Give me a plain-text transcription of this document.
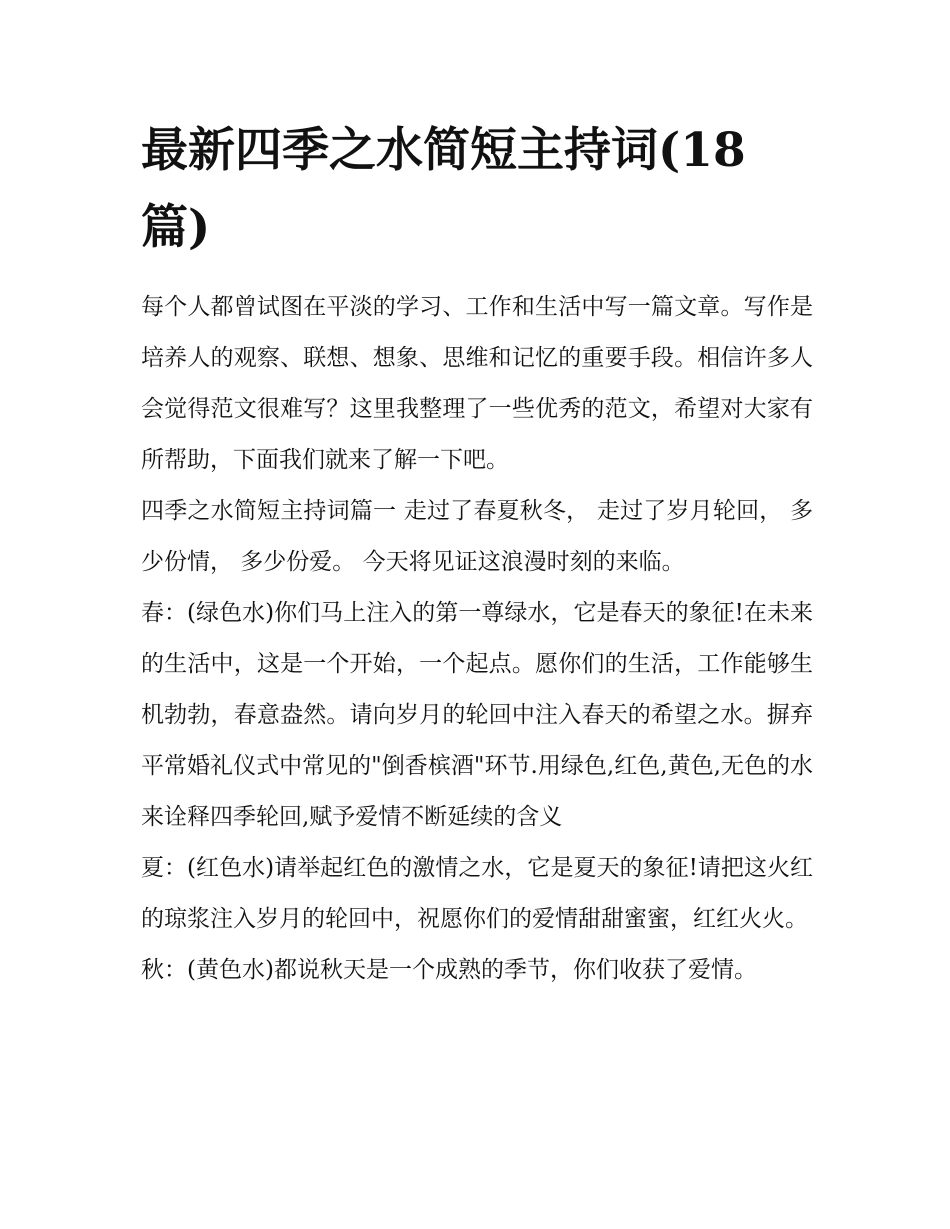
最新四季之水简短主持词(18篇)

每个人都曾试图在平淡的学习、工作和生活中写一篇文章。写作是培养人的观察、联想、想象、思维和记忆的重要手段。相信许多人会觉得范文很难写？这里我整理了一些优秀的范文，希望对大家有所帮助，下面我们就来了解一下吧。

四季之水简短主持词篇一 走过了春夏秋冬， 走过了岁月轮回， 多少份情， 多少份爱。 今天将见证这浪漫时刻的来临。

春：(绿色水)你们马上注入的第一尊绿水，它是春天的象征!在未来的生活中，这是一个开始，一个起点。愿你们的生活，工作能够生机勃勃，春意盎然。请向岁月的轮回中注入春天的希望之水。摒弃平常婚礼仪式中常见的"倒香槟酒"环节.用绿色,红色,黄色,无色的水来诠释四季轮回,赋予爱情不断延续的含义

夏：(红色水)请举起红色的激情之水，它是夏天的象征!请把这火红的琼浆注入岁月的轮回中，祝愿你们的爱情甜甜蜜蜜，红红火火。

秋：(黄色水)都说秋天是一个成熟的季节，你们收获了爱情。
